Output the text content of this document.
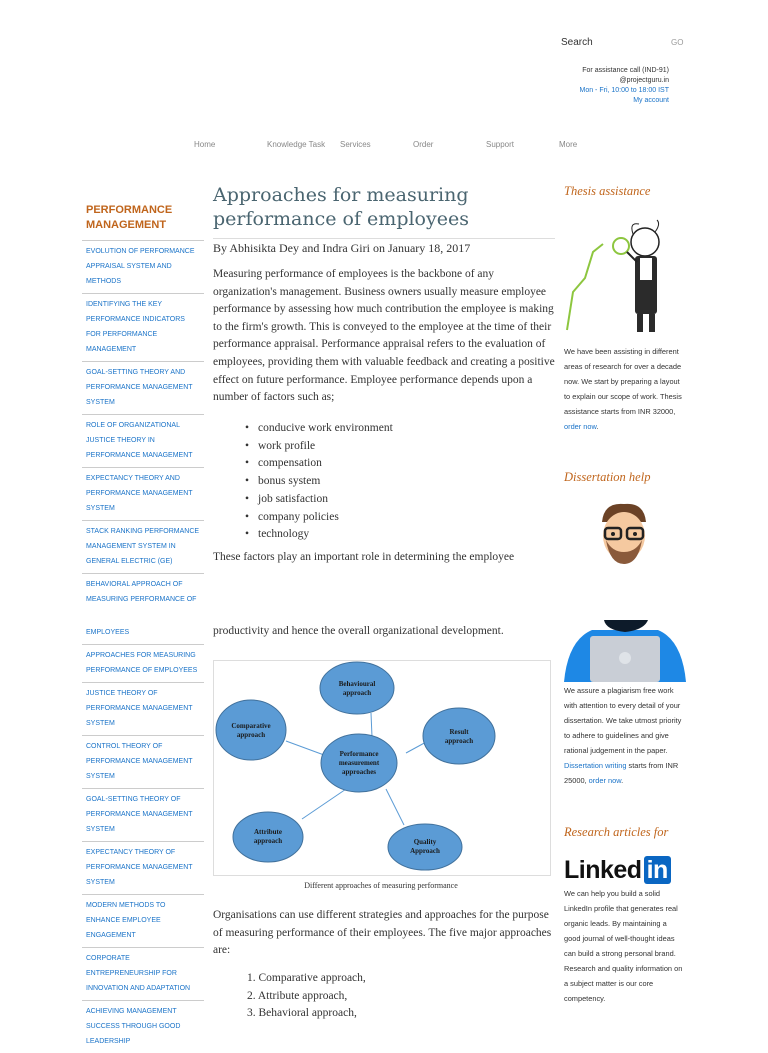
Search	GO
For assistance call (IND-91)
@projectguru.in
Mon - Fri, 10:00 to 18:00 IST
My account
Home	Knowledge Task Services	Order	Support	More
PERFORMANCE MANAGEMENT
EVOLUTION OF PERFORMANCE APPRAISAL SYSTEM AND METHODS
IDENTIFYING THE KEY PERFORMANCE INDICATORS FOR PERFORMANCE MANAGEMENT
GOAL-SETTING THEORY AND PERFORMANCE MANAGEMENT SYSTEM
ROLE OF ORGANIZATIONAL JUSTICE THEORY IN PERFORMANCE MANAGEMENT
EXPECTANCY THEORY AND PERFORMANCE MANAGEMENT SYSTEM
STACK RANKING PERFORMANCE MANAGEMENT SYSTEM IN GENERAL ELECTRIC (GE)
BEHAVIORAL APPROACH OF MEASURING PERFORMANCE OF
EMPLOYEES
APPROACHES FOR MEASURING PERFORMANCE OF EMPLOYEES
JUSTICE THEORY OF PERFORMANCE MANAGEMENT SYSTEM
CONTROL THEORY OF PERFORMANCE MANAGEMENT SYSTEM
GOAL-SETTING THEORY OF PERFORMANCE MANAGEMENT SYSTEM
EXPECTANCY THEORY OF PERFORMANCE MANAGEMENT SYSTEM
MODERN METHODS TO ENHANCE EMPLOYEE ENGAGEMENT
CORPORATE ENTREPRENEURSHIP FOR INNOVATION AND ADAPTATION
ACHIEVING MANAGEMENT SUCCESS THROUGH GOOD LEADERSHIP
Approaches for measuring performance of employees
By Abhisikta Dey and Indra Giri on January 18, 2017

Measuring performance of employees is the backbone of any organization's management. Business owners usually measure employee performance by assessing how much contribution the employee is making to the firm's growth. This is conveyed to the employee at the time of their performance appraisal. Performance appraisal refers to the evaluation of employees, providing them with valuable feedback and creating a positive effect on future performance. Employee performance depends upon a number of factors such as;

• conducive work environment
• work profile
• compensation
• bonus system
• job satisfaction
• company policies
• technology

These factors play an important role in determining the employee

productivity and hence the overall organizational development.

Performance measurement approaches
Behavioural approach
Result approach
Quality Approach
Attribute approach
Comparative approach
Different approaches of measuring performance

Organisations can use different strategies and approaches for the purpose of measuring performance of their employees. The five major approaches are:

1. Comparative approach,
2. Attribute approach,
3. Behavioral approach,
Thesis assistance
We have been assisting in different areas of research for over a decade now. We start by preparing a layout to explain our scope of work. Thesis assistance starts from INR 32000, order now.
Dissertation help
We assure a plagiarism free work with attention to every detail of your dissertation. We take utmost priority to adhere to guidelines and give rational judgement in the paper. Dissertation writing starts from INR 25000, order now.
Research articles for
Linked in
We can help you build a solid LinkedIn profile that generates real organic leads. By maintaining a good journal of well-thought ideas can build a strong personal brand. Research and quality information on a subject matter is our core competency.
